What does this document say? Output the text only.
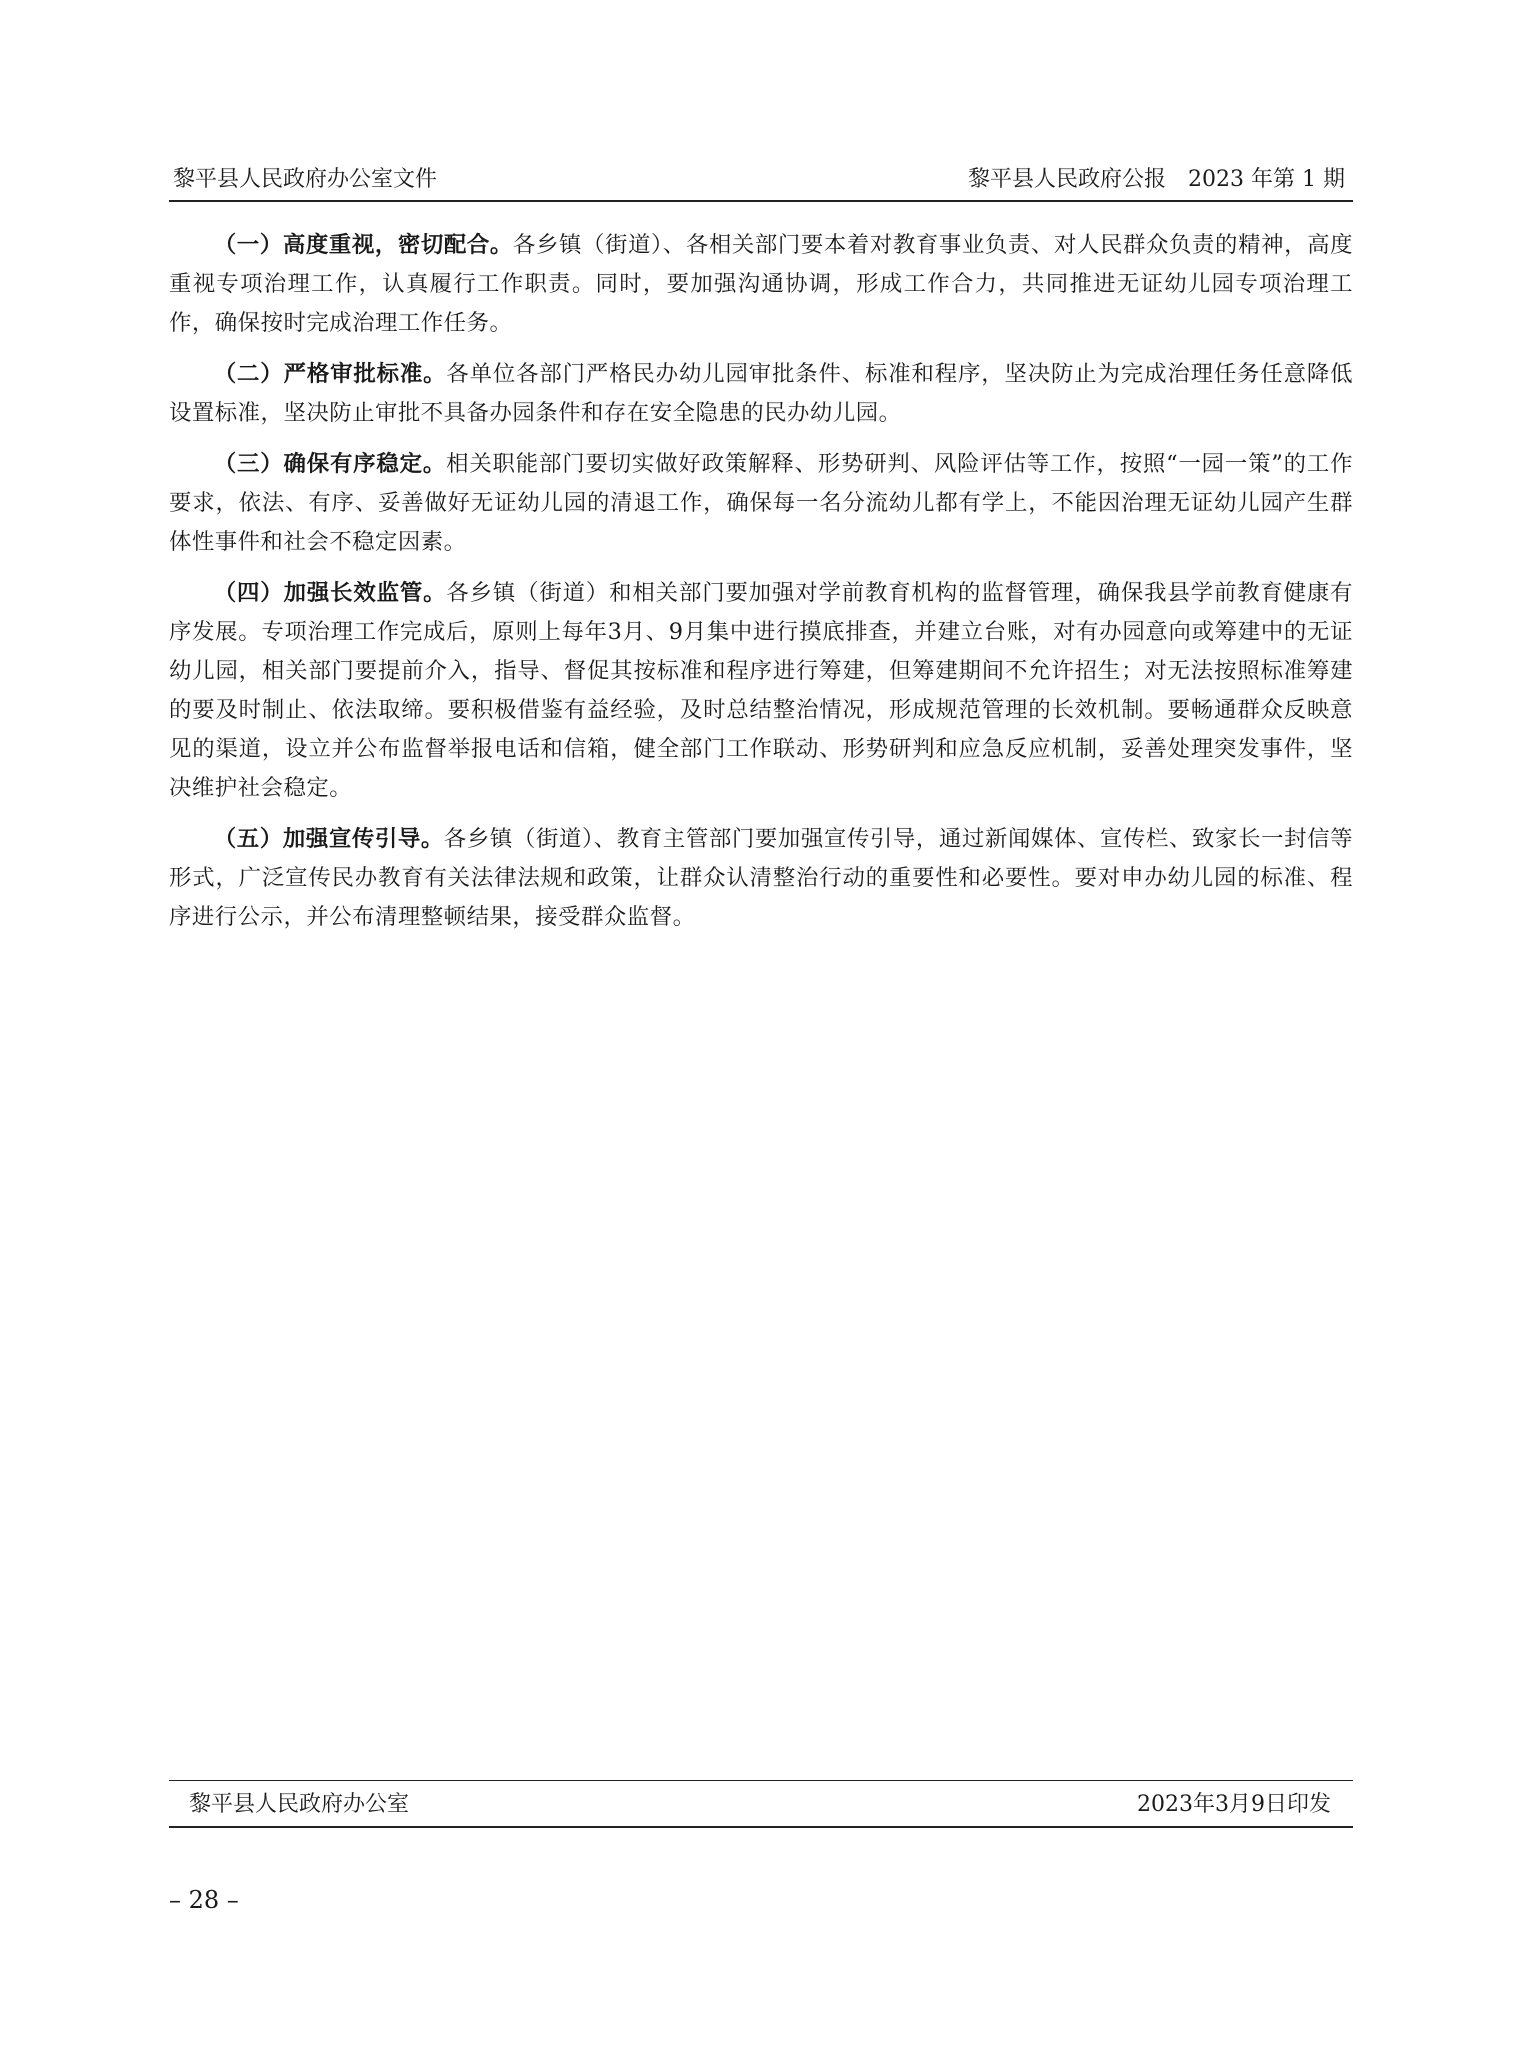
黎平县人民政府办公室文件	黎平县人民政府公报　2023 年第 1 期

（一）高度重视，密切配合。各乡镇（街道）、各相关部门要本着对教育事业负责、对人民群众负责的精神，高度重视专项治理工作，认真履行工作职责。同时，要加强沟通协调，形成工作合力，共同推进无证幼儿园专项治理工作，确保按时完成治理工作任务。

（二）严格审批标准。各单位各部门严格民办幼儿园审批条件、标准和程序，坚决防止为完成治理任务任意降低设置标准，坚决防止审批不具备办园条件和存在安全隐患的民办幼儿园。

（三）确保有序稳定。相关职能部门要切实做好政策解释、形势研判、风险评估等工作，按照“一园一策”的工作要求，依法、有序、妥善做好无证幼儿园的清退工作，确保每一名分流幼儿都有学上，不能因治理无证幼儿园产生群体性事件和社会不稳定因素。

（四）加强长效监管。各乡镇（街道）和相关部门要加强对学前教育机构的监督管理，确保我县学前教育健康有序发展。专项治理工作完成后，原则上每年3月、9月集中进行摸底排查，并建立台账，对有办园意向或筹建中的无证幼儿园，相关部门要提前介入，指导、督促其按标准和程序进行筹建，但筹建期间不允许招生；对无法按照标准筹建的要及时制止、依法取缔。要积极借鉴有益经验，及时总结整治情况，形成规范管理的长效机制。要畅通群众反映意见的渠道，设立并公布监督举报电话和信箱，健全部门工作联动、形势研判和应急反应机制，妥善处理突发事件，坚决维护社会稳定。

（五）加强宣传引导。各乡镇（街道）、教育主管部门要加强宣传引导，通过新闻媒体、宣传栏、致家长一封信等形式，广泛宣传民办教育有关法律法规和政策，让群众认清整治行动的重要性和必要性。要对申办幼儿园的标准、程序进行公示，并公布清理整顿结果，接受群众监督。

黎平县人民政府办公室	2023年3月9日印发
– 28 –
